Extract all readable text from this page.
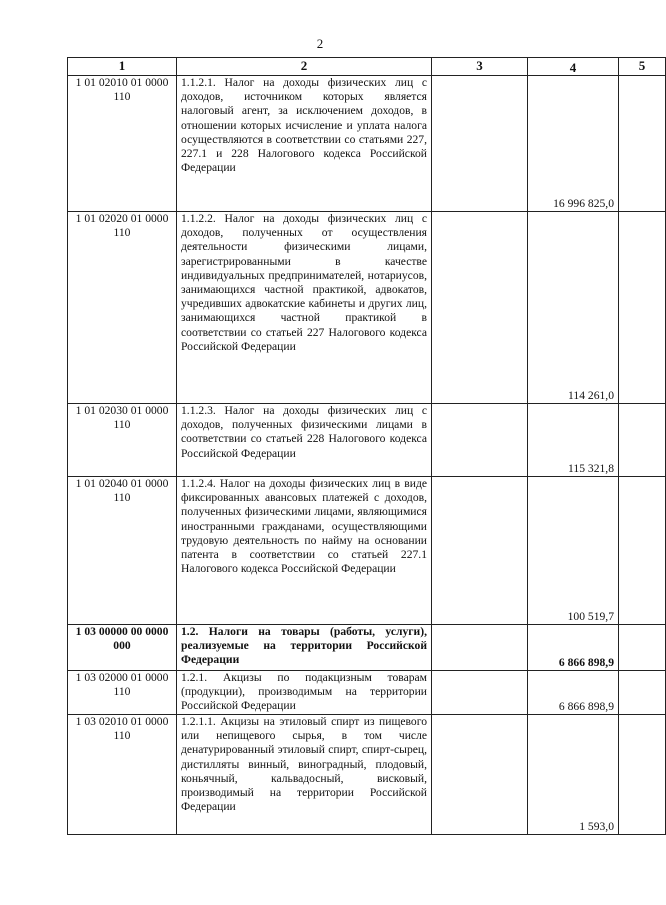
2
1	2	3	4	5
1 01 02010 01 0000 110	1.1.2.1. Налог на доходы физических лиц с доходов, источником которых является налоговый агент, за исключением доходов, в отношении которых исчисление и уплата налога осуществляются в соответствии со статьями 227, 227.1 и 228 Налогового кодекса Российской Федерации		16 996 825,0	
1 01 02020 01 0000 110	1.1.2.2. Налог на доходы физических лиц с доходов, полученных от осуществления деятельности физическими лицами, зарегистрированными в качестве индивидуальных предпринимателей, нотариусов, занимающихся частной практикой, адвокатов, учредивших адвокатские кабинеты и других лиц, занимающихся частной практикой в соответствии со статьей 227 Налогового кодекса Российской Федерации		114 261,0	
1 01 02030 01 0000 110	1.1.2.3. Налог на доходы физических лиц с доходов, полученных физическими лицами в соответствии со статьей 228 Налогового кодекса Российской Федерации		115 321,8	
1 01 02040 01 0000 110	1.1.2.4. Налог на доходы физических лиц в виде фиксированных авансовых платежей с доходов, полученных физическими лицами, являющимися иностранными гражданами, осуществляющими трудовую деятельность по найму на основании патента в соответствии со статьей 227.1 Налогового кодекса Российской Федерации		100 519,7	
1 03 00000 00 0000 000	1.2. Налоги на товары (работы, услуги), реализуемые на территории Российской Федерации		6 866 898,9	
1 03 02000 01 0000 110	1.2.1. Акцизы по подакцизным товарам (продукции), производимым на территории Российской Федерации		6 866 898,9	
1 03 02010 01 0000 110	1.2.1.1. Акцизы на этиловый спирт из пищевого или непищевого сырья, в том числе денатурированный этиловый спирт, спирт-сырец, дистилляты винный, виноградный, плодовый, коньячный, кальвадосный, висковый, производимый на территории Российской Федерации		1 593,0	
